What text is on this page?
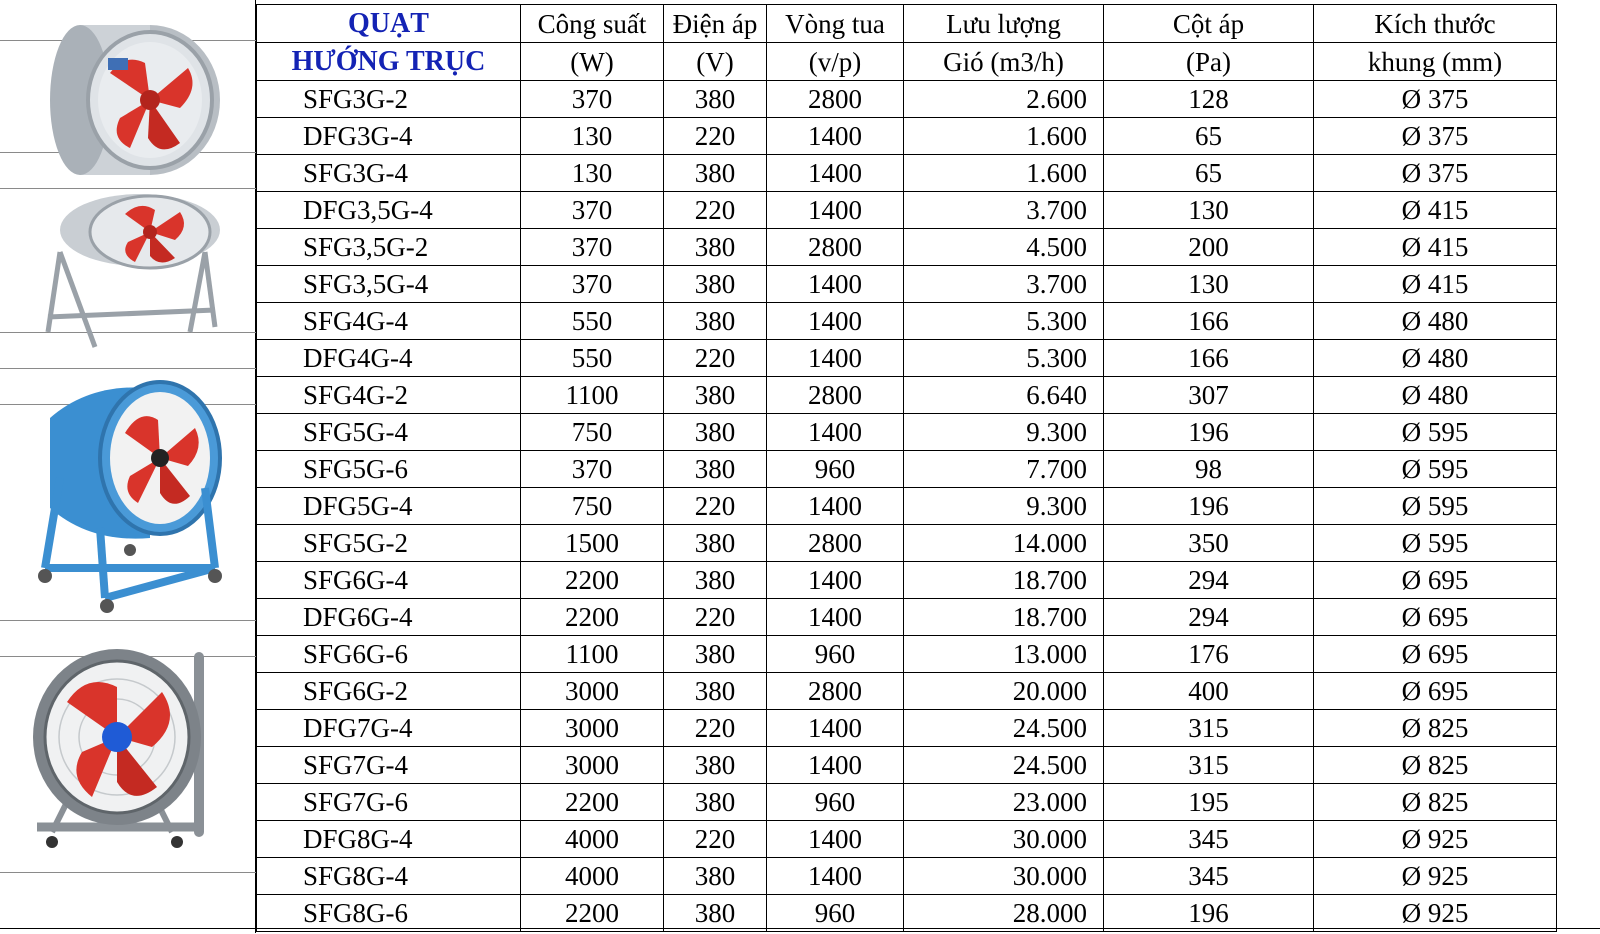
QUẠT	Công suất	Điện áp	Vòng tua	Lưu lượng	Cột áp	Kích thước
HƯỚNG TRỤC	(W)	(V)	(v/p)	Gió (m3/h)	(Pa)	khung (mm)
SFG3G-2	370	380	2800	2.600	128	Ø 375
DFG3G-4	130	220	1400	1.600	65	Ø 375
SFG3G-4	130	380	1400	1.600	65	Ø 375
DFG3,5G-4	370	220	1400	3.700	130	Ø 415
SFG3,5G-2	370	380	2800	4.500	200	Ø 415
SFG3,5G-4	370	380	1400	3.700	130	Ø 415
SFG4G-4	550	380	1400	5.300	166	Ø 480
DFG4G-4	550	220	1400	5.300	166	Ø 480
SFG4G-2	1100	380	2800	6.640	307	Ø 480
SFG5G-4	750	380	1400	9.300	196	Ø 595
SFG5G-6	370	380	960	7.700	98	Ø 595
DFG5G-4	750	220	1400	9.300	196	Ø 595
SFG5G-2	1500	380	2800	14.000	350	Ø 595
SFG6G-4	2200	380	1400	18.700	294	Ø 695
DFG6G-4	2200	220	1400	18.700	294	Ø 695
SFG6G-6	1100	380	960	13.000	176	Ø 695
SFG6G-2	3000	380	2800	20.000	400	Ø 695
DFG7G-4	3000	220	1400	24.500	315	Ø 825
SFG7G-4	3000	380	1400	24.500	315	Ø 825
SFG7G-6	2200	380	960	23.000	195	Ø 825
DFG8G-4	4000	220	1400	30.000	345	Ø 925
SFG8G-4	4000	380	1400	30.000	345	Ø 925
SFG8G-6	2200	380	960	28.000	196	Ø 925
